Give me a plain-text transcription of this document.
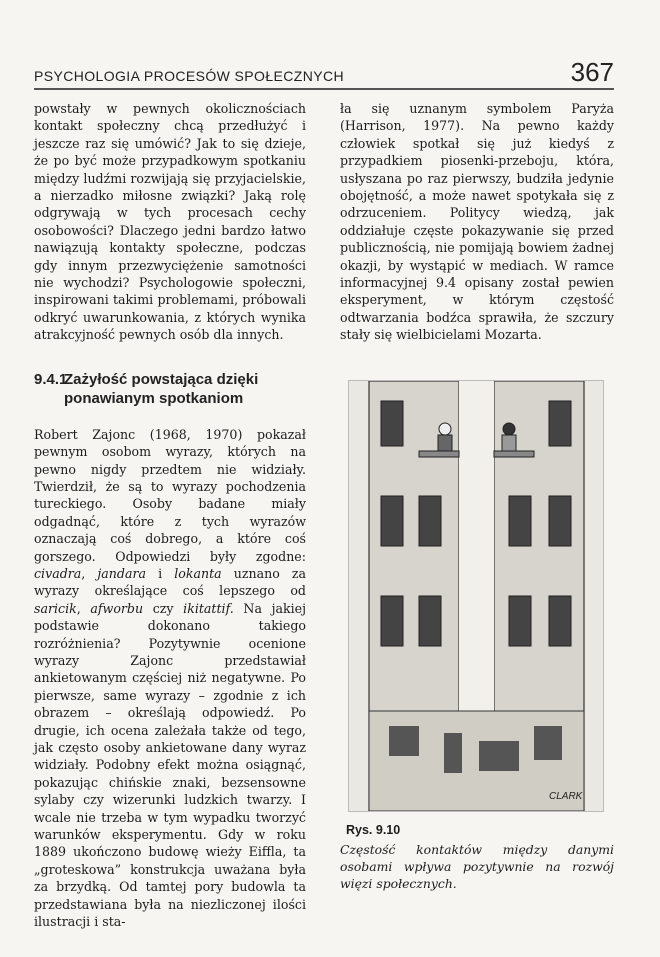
PSYCHOLOGIA PROCESÓW SPOŁECZNYCH	367

powstały w pewnych okolicznościach kontakt społeczny chcą przedłużyć i jeszcze raz się umówić? Jak to się dzieje, że po być może przypadkowym spotkaniu między ludźmi rozwijają się przyjacielskie, a nierzadko miłosne związki? Jaką rolę odgrywają w tych procesach cechy osobowości? Dlaczego jedni bardzo łatwo nawiązują kontakty społeczne, podczas gdy innym przezwyciężenie samotności nie wychodzi? Psychologowie społeczni, inspirowani takimi problemami, próbowali odkryć uwarunkowania, z których wynika atrakcyjność pewnych osób dla innych.

9.4.1
Zażyłość powstająca dzięki ponawianym spotkaniom

Robert Zajonc (1968, 1970) pokazał pewnym osobom wyrazy, których na pewno nigdy przedtem nie widziały. Twierdził, że są to wyrazy pochodzenia tureckiego. Osoby badane miały odgadnąć, które z tych wyrazów oznaczają coś dobrego, a które coś gorszego. Odpowiedzi były zgodne: civadra, jandara i lokanta uznano za wyrazy określające coś lepszego od saricik, afworbu czy ikitattif. Na jakiej podstawie dokonano takiego rozróżnienia? Pozytywnie ocenione wyrazy Zajonc przedstawiał ankietowanym częściej niż negatywne. Po pierwsze, same wyrazy – zgodnie z ich obrazem – określają odpowiedź. Po drugie, ich ocena zależała także od tego, jak często osoby ankietowane dany wyraz widziały. Podobny efekt można osiągnąć, pokazując chińskie znaki, bezsensowne sylaby czy wizerunki ludzkich twarzy. I wcale nie trzeba w tym wypadku tworzyć warunków eksperymentu. Gdy w roku 1889 ukończono budowę wieży Eiffla, ta „groteskowa” konstrukcja uważana była za brzydką. Od tamtej pory budowla ta przedstawiana była na niezliczonej ilości ilustracji i sta-

ła się uznanym symbolem Paryża (Harrison, 1977). Na pewno każdy człowiek spotkał się już kiedyś z przypadkiem piosenki-przeboju, która, usłyszana po raz pierwszy, budziła jedynie obojętność, a może nawet spotykała się z odrzuceniem. Politycy wiedzą, jak oddziałuje częste pokazywanie się przed publicznością, nie pomijają bowiem żadnej okazji, by wystąpić w mediach. W ramce informacyjnej 9.4 opisany został pewien eksperyment, w którym częstość odtwarzania bodźca sprawiła, że szczury stały się wielbicielami Mozarta.

CLARK
Rys. 9.10

Częstość kontaktów między danymi osobami wpływa pozytywnie na rozwój więzi społecznych.
